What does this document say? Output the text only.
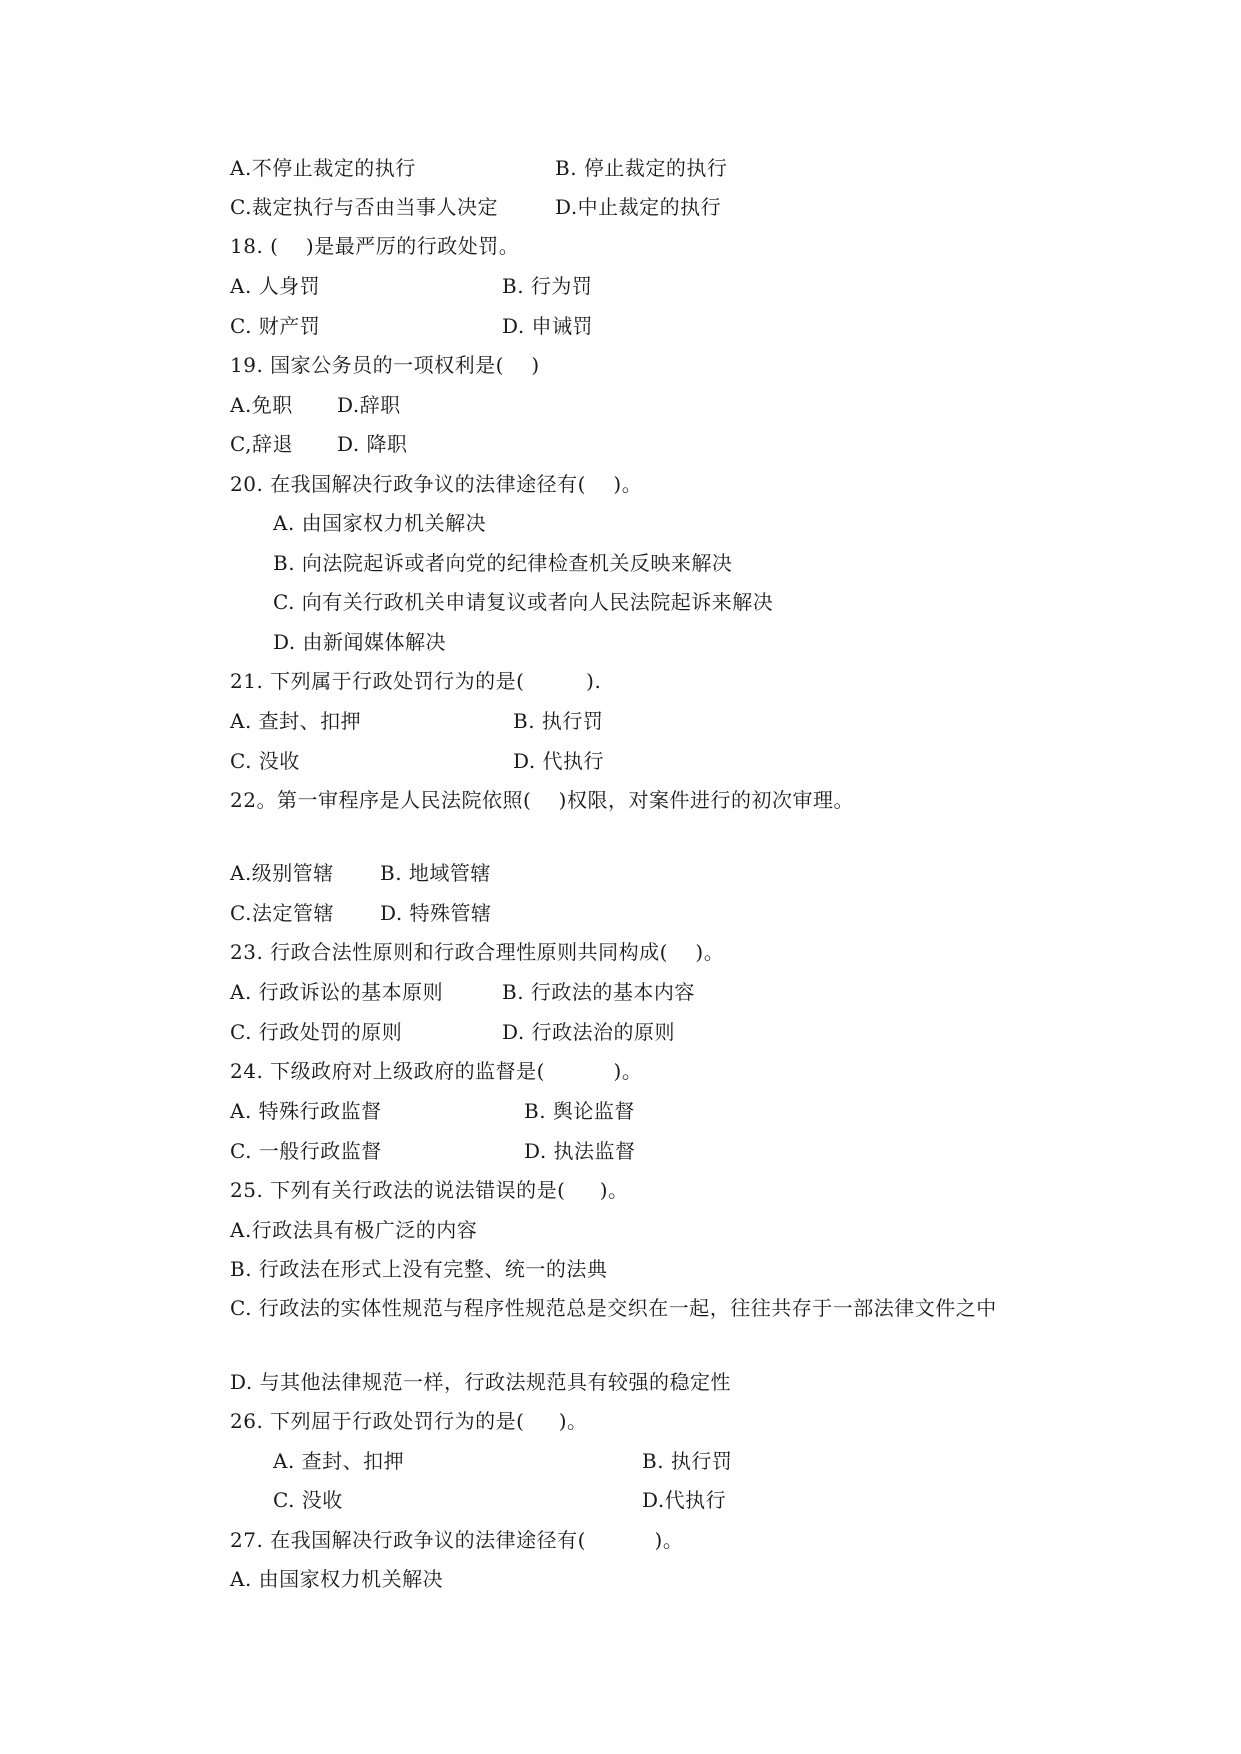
A.不停止裁定的执行	B. 停止裁定的执行
C.裁定执行与否由当事人决定	D.中止裁定的执行
18. (    )是最严厉的行政处罚。
A. 人身罚	B. 行为罚
C. 财产罚	D. 申诫罚
19. 国家公务员的一项权利是(    )
A.免职 D.辞职
C,辞退 D. 降职
20. 在我国解决行政争议的法律途径有(    )。
A. 由国家权力机关解决
B. 向法院起诉或者向党的纪律检查机关反映来解决
C. 向有关行政机关申请复议或者向人民法院起诉来解决
D. 由新闻媒体解决
21. 下列属于行政处罚行为的是(         ).
A. 查封、扣押	B. 执行罚
C. 没收	D. 代执行
22。第一审程序是人民法院依照(    )权限，对案件进行的初次审理。
A.级别管辖 B. 地域管辖
C.法定管辖 D. 特殊管辖
23. 行政合法性原则和行政合理性原则共同构成(    )。
A. 行政诉讼的基本原则	B. 行政法的基本内容
C. 行政处罚的原则	D. 行政法治的原则
24. 下级政府对上级政府的监督是(          )。
A. 特殊行政监督	B. 舆论监督
C. 一般行政监督	D. 执法监督
25. 下列有关行政法的说法错误的是(     )。
A.行政法具有极广泛的内容
B. 行政法在形式上没有完整、统一的法典
C. 行政法的实体性规范与程序性规范总是交织在一起，往往共存于一部法律文件之中
D. 与其他法律规范一样，行政法规范具有较强的稳定性
26. 下列屈于行政处罚行为的是(     )。
A. 查封、扣押	B. 执行罚
C. 没收	D.代执行
27. 在我国解决行政争议的法律途径有(          )。
A. 由国家权力机关解决
